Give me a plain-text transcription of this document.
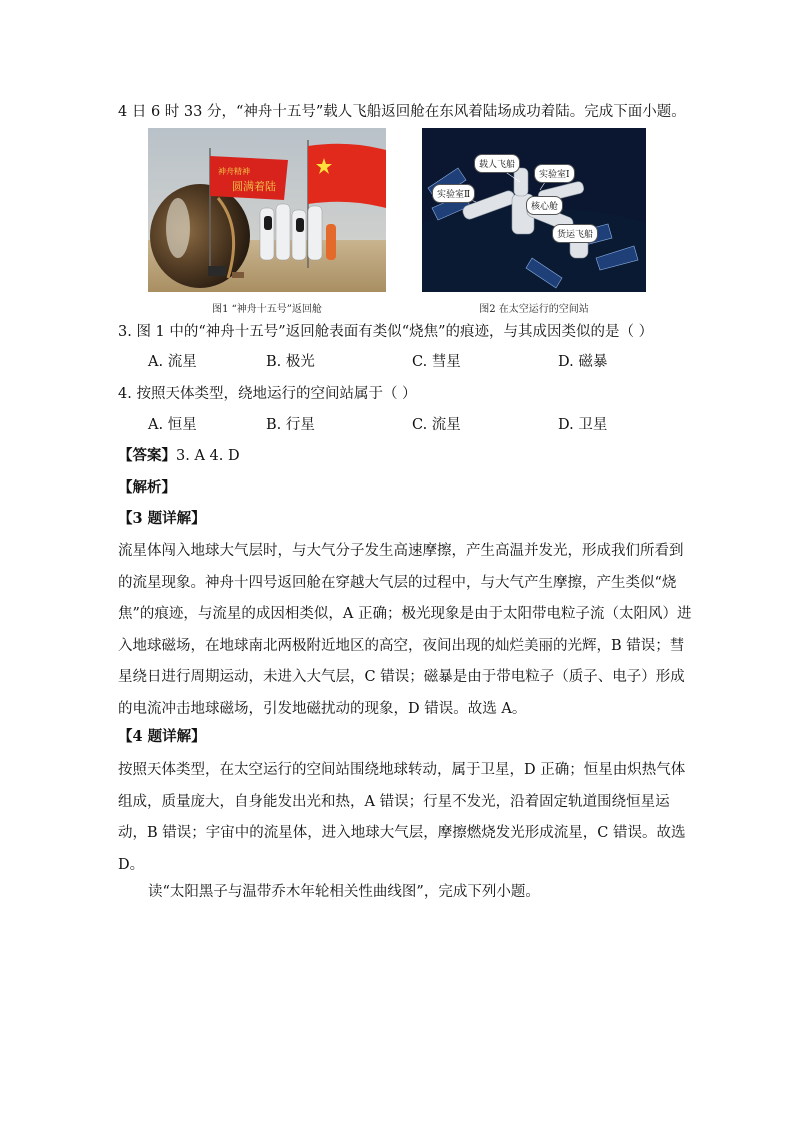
4 日 6 时 33 分，“神舟十五号”载人飞船返回舱在东风着陆场成功着陆。完成下面小题。
神舟精神
圆满着陆
图1 “神舟十五号”返回舱
载人飞船
实验室Ⅰ
实验室Ⅱ
核心舱
货运飞船
图2 在太空运行的空间站
3. 图 1 中的“神舟十五号”返回舱表面有类似“烧焦”的痕迹，与其成因类似的是（ ）
A. 流星	B. 极光	C. 彗星	D. 磁暴
4. 按照天体类型，绕地运行的空间站属于（ ）
A. 恒星	B. 行星	C. 流星	D. 卫星
【答案】3. A 4. D
【解析】
【3 题详解】
流星体闯入地球大气层时，与大气分子发生高速摩擦，产生高温并发光，形成我们所看到
的流星现象。神舟十四号返回舱在穿越大气层的过程中，与大气产生摩擦，产生类似“烧
焦”的痕迹，与流星的成因相类似，A 正确；极光现象是由于太阳带电粒子流（太阳风）进
入地球磁场，在地球南北两极附近地区的高空，夜间出现的灿烂美丽的光辉，B 错误；彗
星绕日进行周期运动，未进入大气层，C 错误；磁暴是由于带电粒子（质子、电子）形成
的电流冲击地球磁场，引发地磁扰动的现象，D 错误。故选 A。
【4 题详解】
按照天体类型，在太空运行的空间站围绕地球转动，属于卫星，D 正确；恒星由炽热气体
组成，质量庞大，自身能发出光和热，A 错误；行星不发光，沿着固定轨道围绕恒星运
动，B 错误；宇宙中的流星体，进入地球大气层，摩擦燃烧发光形成流星，C 错误。故选
D。
读“太阳黑子与温带乔木年轮相关性曲线图”，完成下列小题。
